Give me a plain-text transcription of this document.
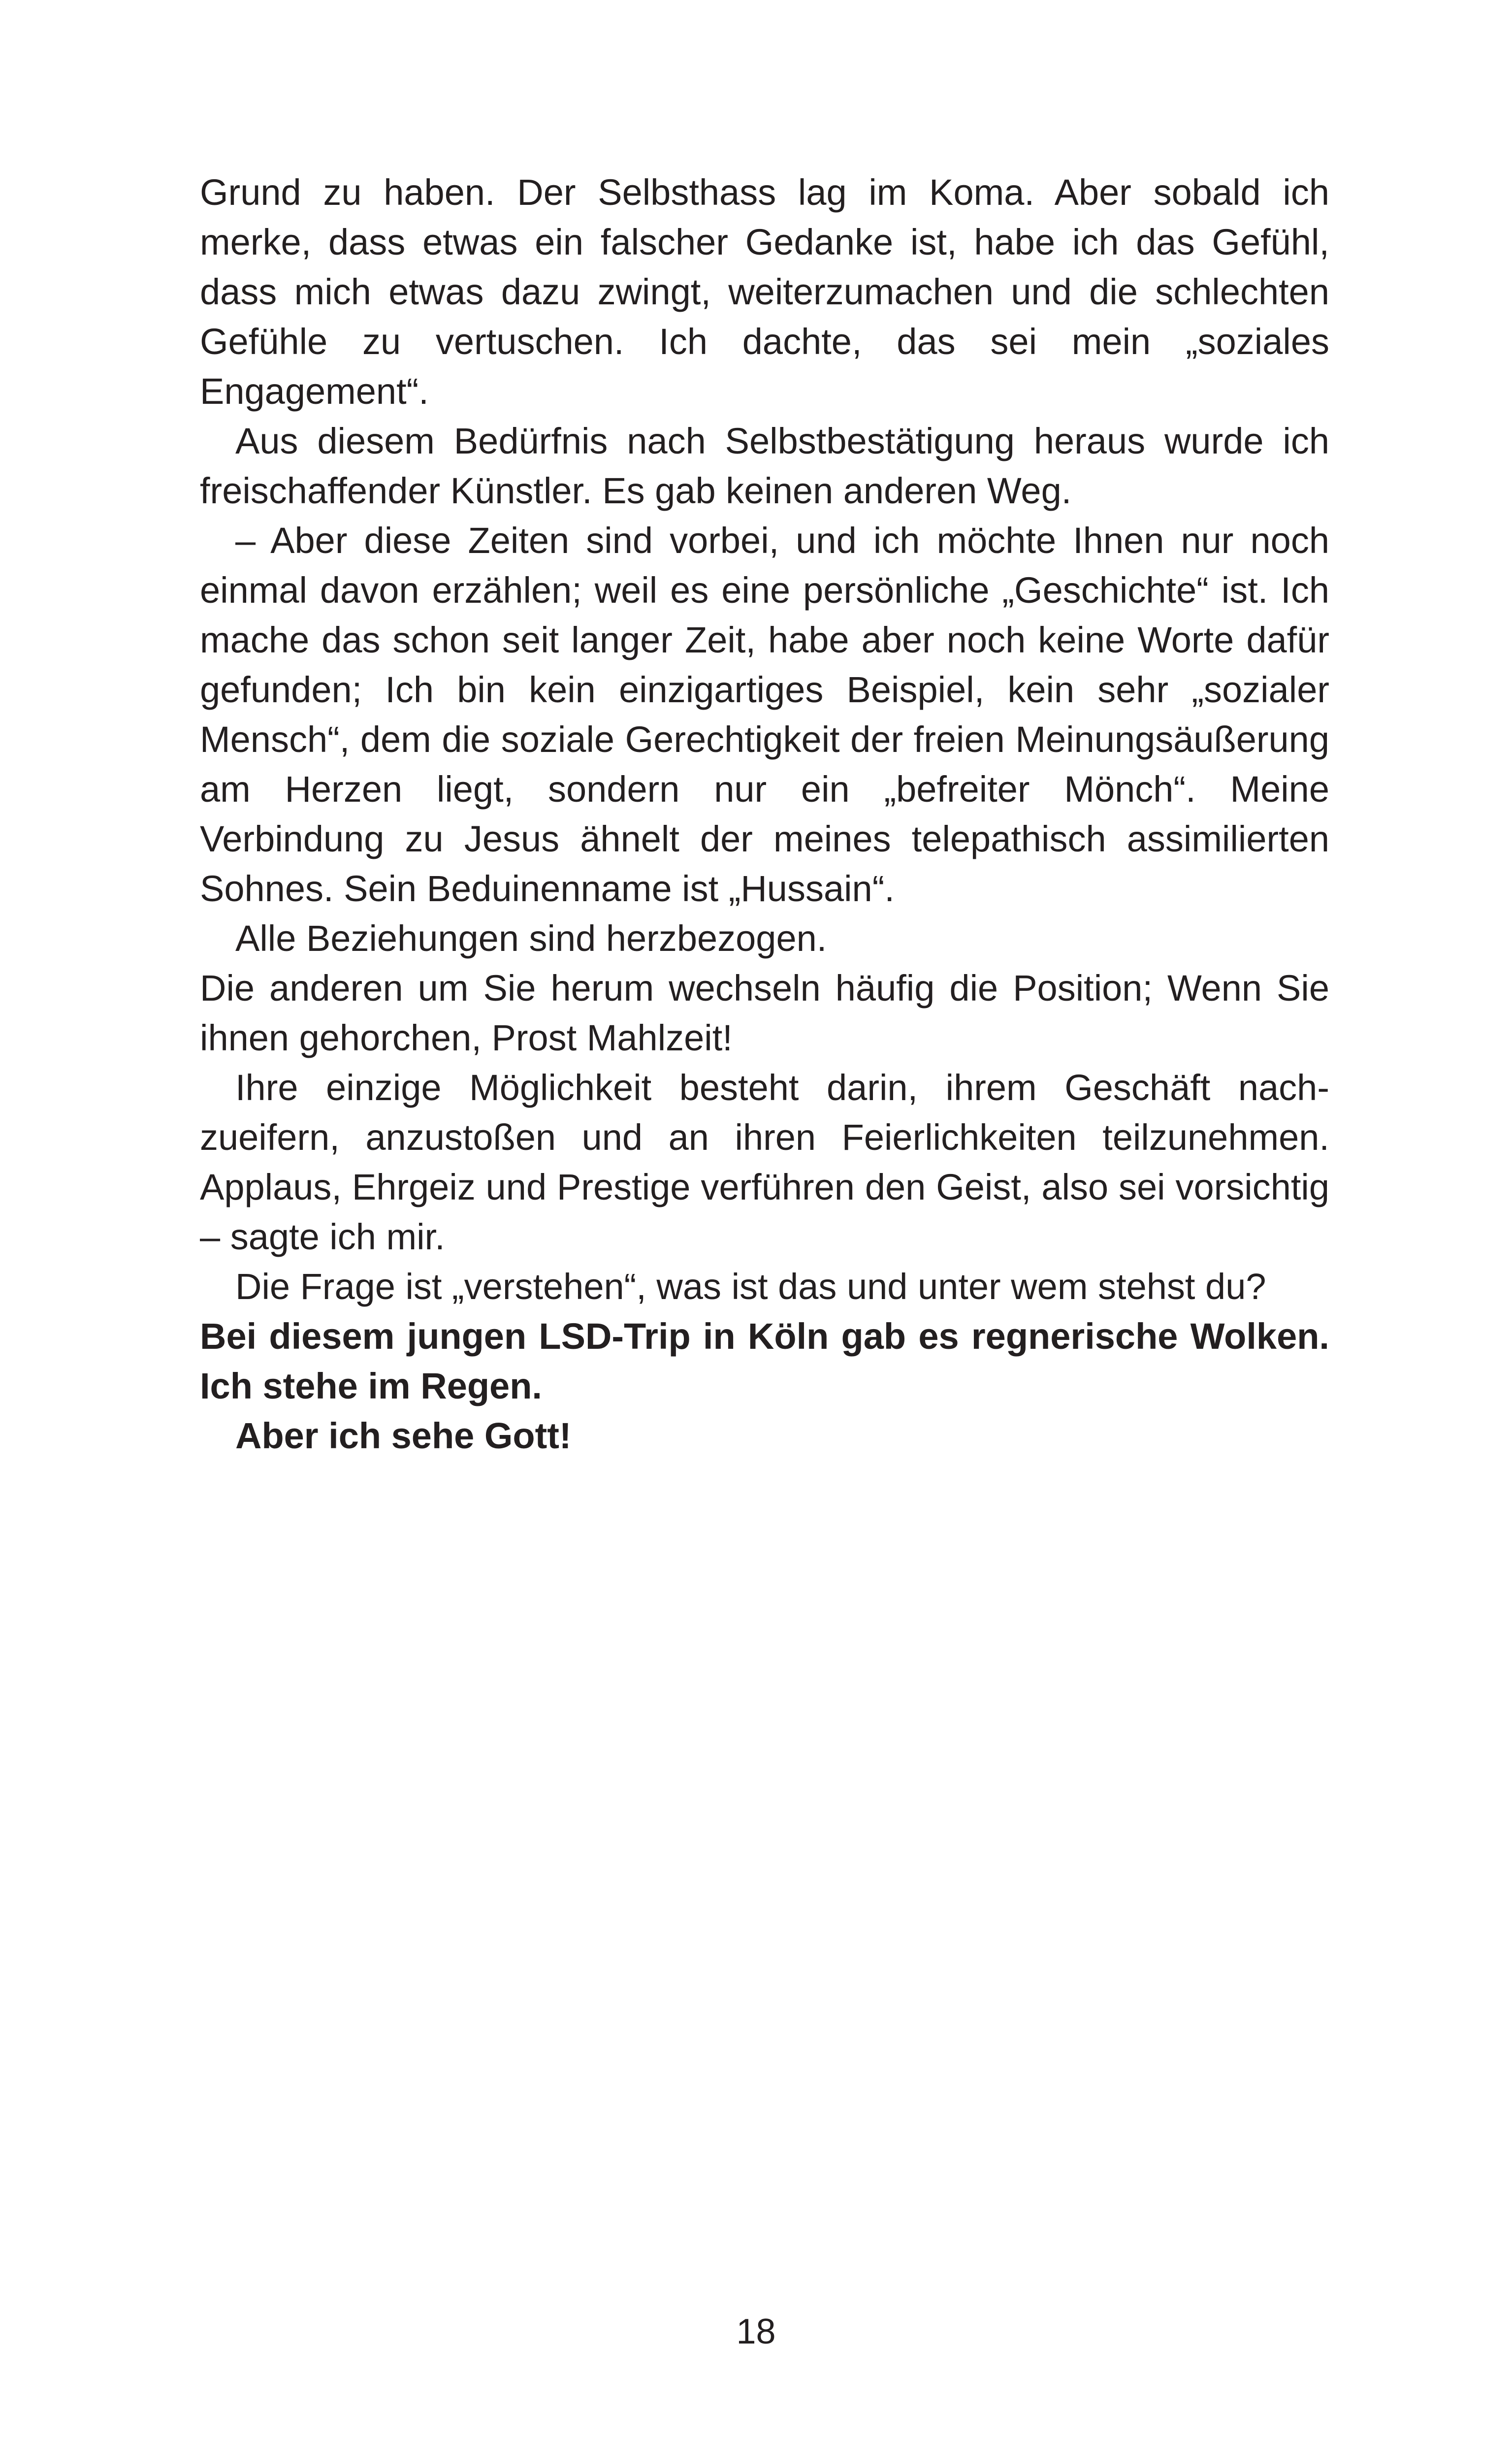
Grund zu haben. Der Selbsthass lag im Koma. Aber sobald ich merke, dass etwas ein falscher Gedanke ist, habe ich das Gefühl, dass mich etwas dazu zwingt, weiterzumachen und die schlechten Gefühle zu vertuschen. Ich dachte, das sei mein „soziales Engagement“.

Aus diesem Bedürfnis nach Selbstbestätigung heraus wurde ich freischaffender Künstler. Es gab keinen anderen Weg.

– Aber diese Zeiten sind vorbei, und ich möchte Ihnen nur noch einmal davon erzählen; weil es eine persönliche „Geschichte“ ist. Ich mache das schon seit langer Zeit, habe aber noch keine Worte dafür gefunden; Ich bin kein einzigartiges Beispiel, kein sehr „sozialer Mensch“, dem die soziale Gerechtigkeit der freien Meinungsäußerung am Herzen liegt, sondern nur ein „befreiter Mönch“. Meine Verbindung zu Jesus ähnelt der meines telepathisch assimilierten Sohnes. Sein Beduinenname ist „Hussain“.

Alle Beziehungen sind herzbezogen.

Die anderen um Sie herum wechseln häufig die Position; Wenn Sie ihnen gehorchen, Prost Mahlzeit!

Ihre einzige Möglichkeit besteht darin, ihrem Geschäft nachzueifern, anzustoßen und an ihren Feierlichkeiten teilzunehmen. Applaus, Ehrgeiz und Prestige verführen den Geist, also sei vorsichtig – sagte ich mir.

Die Frage ist „verstehen“, was ist das und unter wem stehst du?

Bei diesem jungen LSD-Trip in Köln gab es regnerische Wolken. Ich stehe im Regen.

Aber ich sehe Gott!

18
